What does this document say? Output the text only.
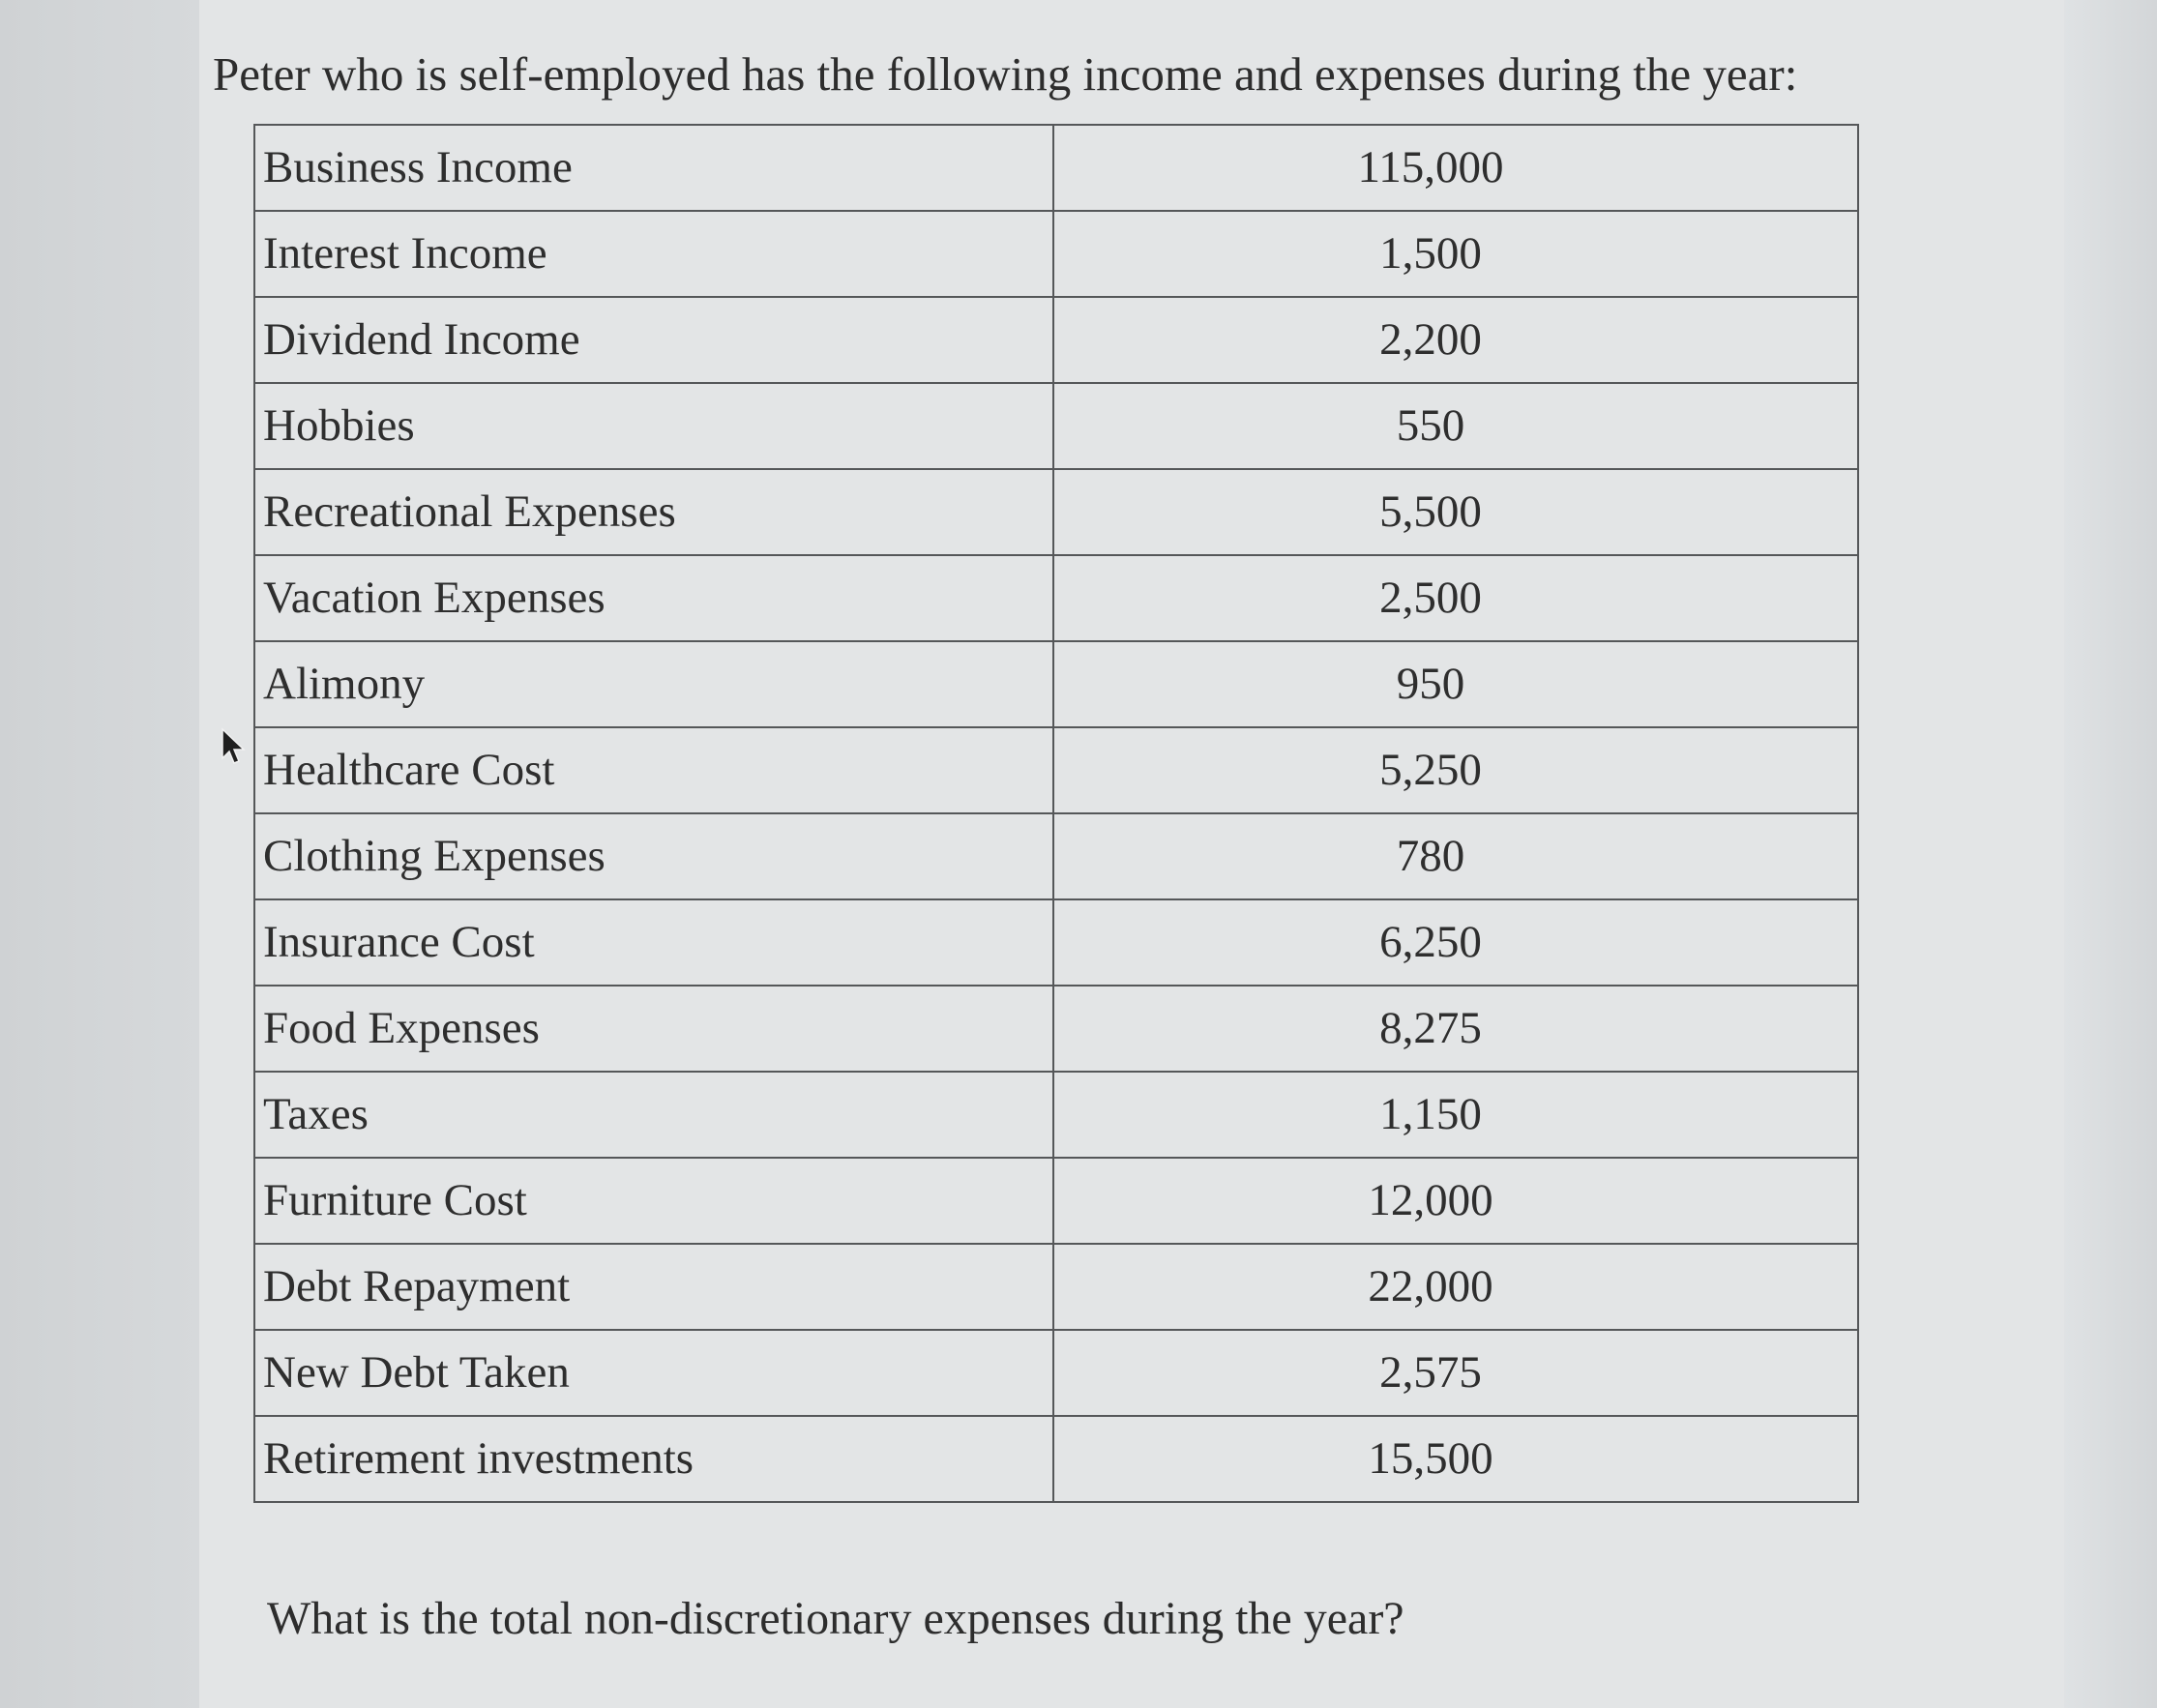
Peter who is self-employed has the following income and expenses during the year:
Business Income	115,000
Interest Income	1,500
Dividend Income	2,200
Hobbies	550
Recreational Expenses	5,500
Vacation Expenses	2,500
Alimony	950
Healthcare Cost	5,250
Clothing Expenses	780
Insurance Cost	6,250
Food Expenses	8,275
Taxes	1,150
Furniture Cost	12,000
Debt Repayment	22,000
New Debt Taken	2,575
Retirement investments	15,500
What is the total non-discretionary expenses during the year?
